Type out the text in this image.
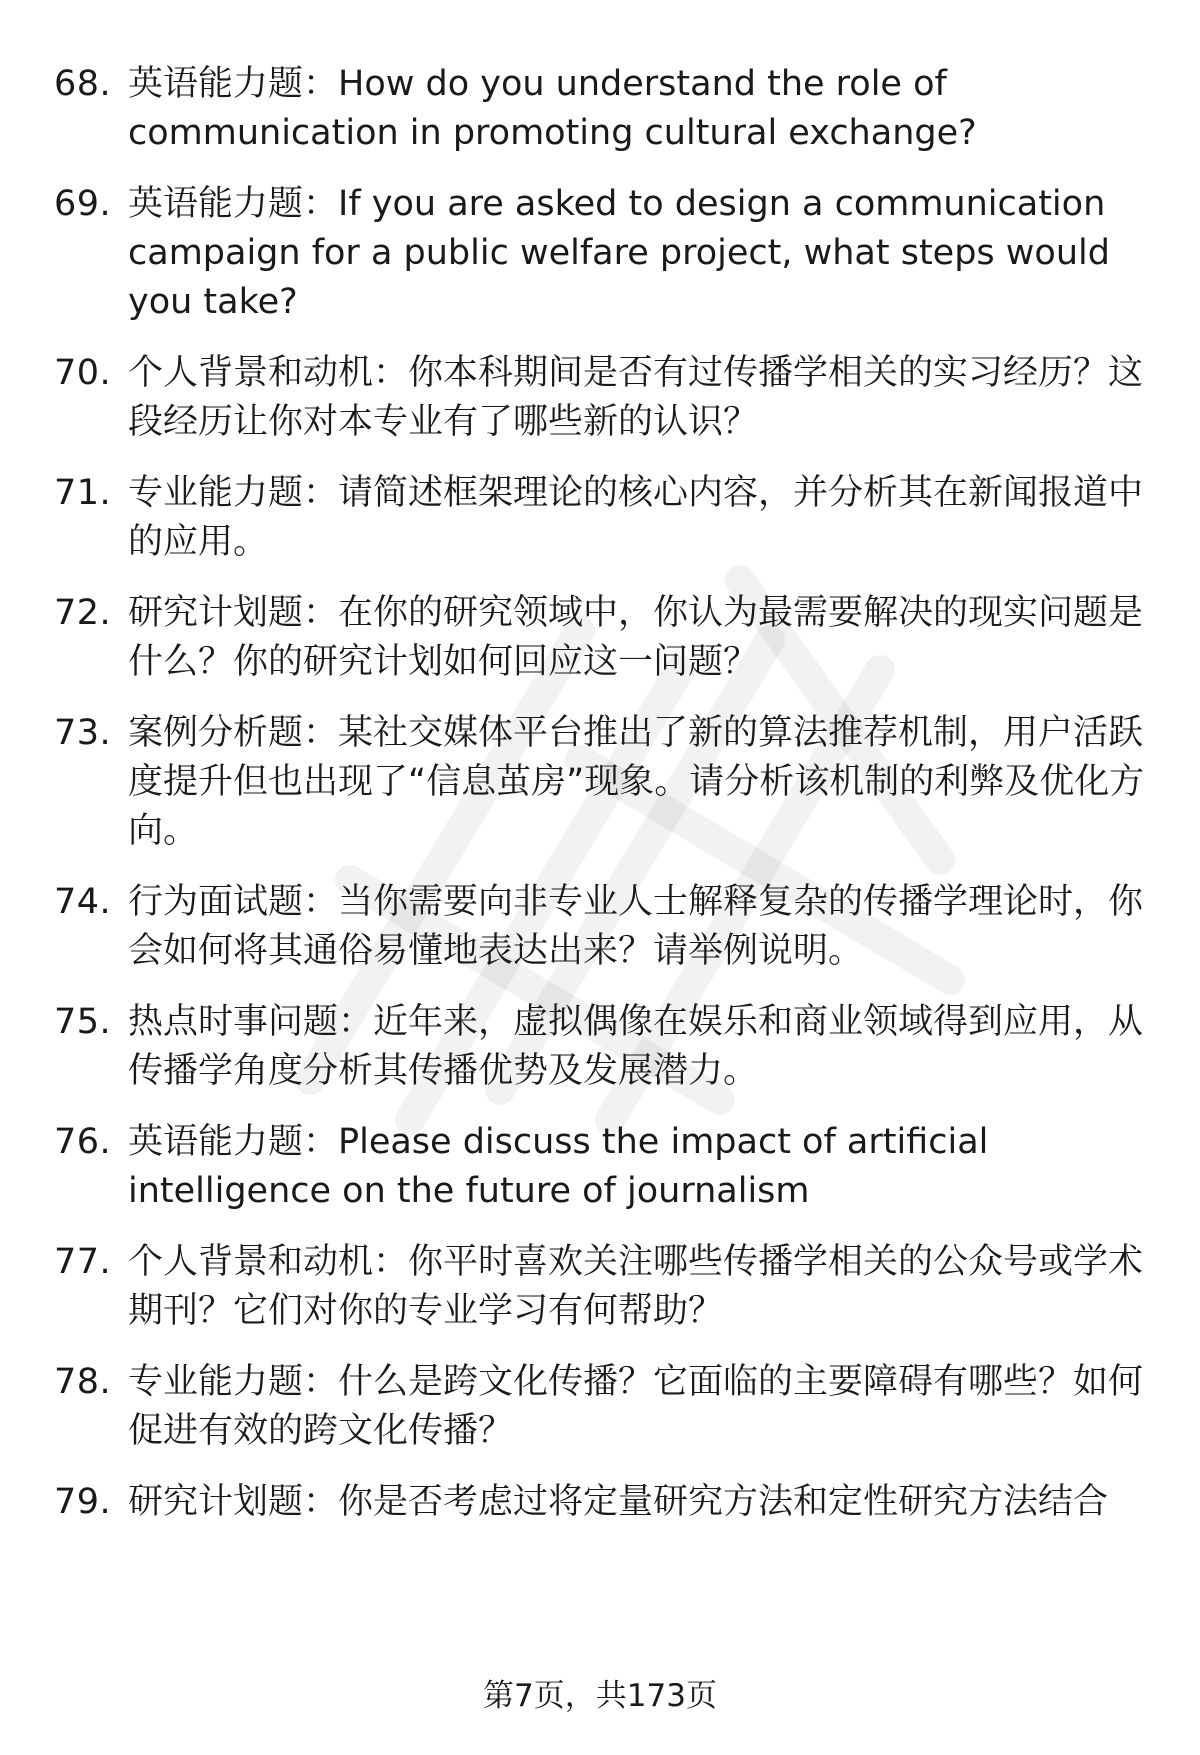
68. 英语能力题：How do you understand the role of communication in promoting cultural exchange?
69. 英语能力题：If you are asked to design a communication campaign for a public welfare project, what steps would you take?
70. 个人背景和动机：你本科期间是否有过传播学相关的实习经历？这段经历让你对本专业有了哪些新的认识？
71. 专业能力题：请简述框架理论的核心内容，并分析其在新闻报道中的应用。
72. 研究计划题：在你的研究领域中，你认为最需要解决的现实问题是什么？你的研究计划如何回应这一问题？
73. 案例分析题：某社交媒体平台推出了新的算法推荐机制，用户活跃度提升但也出现了“信息茧房”现象。请分析该机制的利弊及优化方向。
74. 行为面试题：当你需要向非专业人士解释复杂的传播学理论时，你会如何将其通俗易懂地表达出来？请举例说明。
75. 热点时事问题：近年来，虚拟偶像在娱乐和商业领域得到应用，从传播学角度分析其传播优势及发展潜力。
76. 英语能力题：Please discuss the impact of artificial intelligence on the future of journalism
77. 个人背景和动机：你平时喜欢关注哪些传播学相关的公众号或学术期刊？它们对你的专业学习有何帮助？
78. 专业能力题：什么是跨文化传播？它面临的主要障碍有哪些？如何促进有效的跨文化传播？
79. 研究计划题：你是否考虑过将定量研究方法和定性研究方法结合
第7页，共173页
